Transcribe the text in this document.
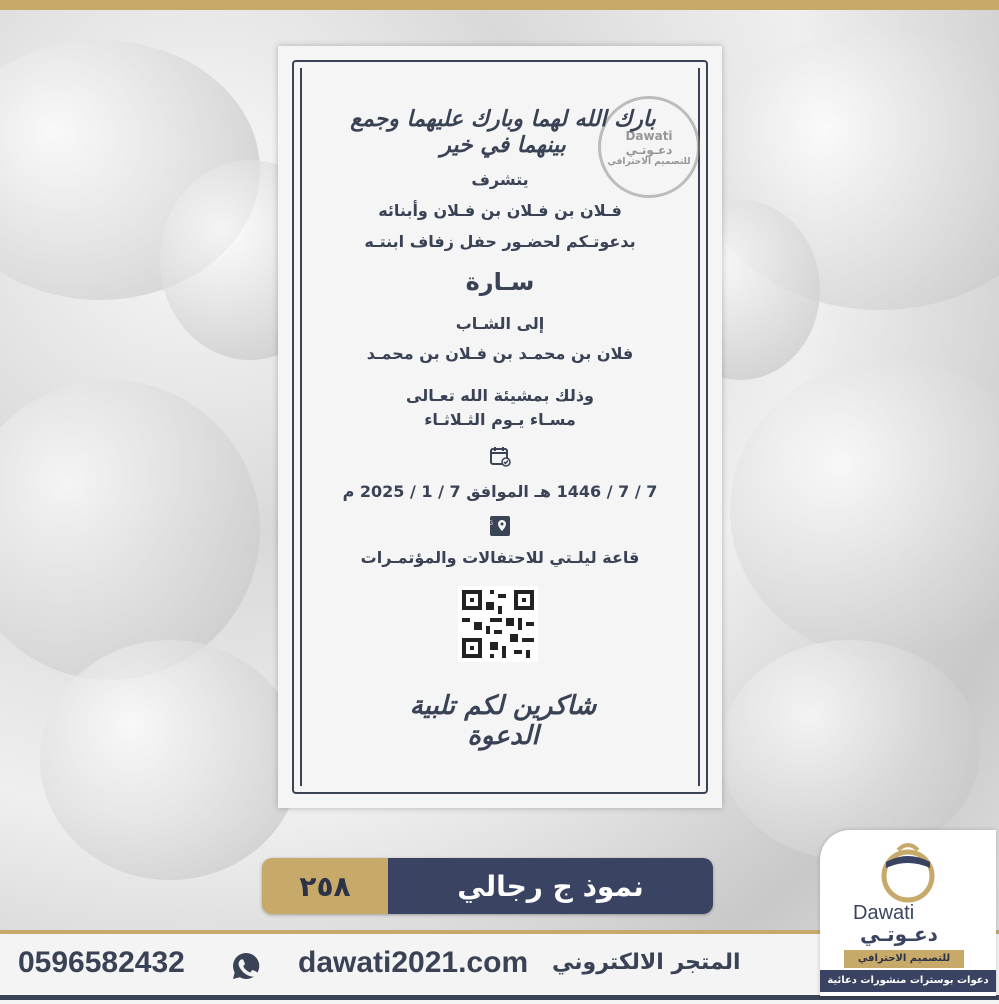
Dawati
دعـوتـي
للتصميم الاحترافي
بارك الله لهما وبارك عليهما وجمع بينهما في خير
يتشرف
فـلان بن فـلان بن فـلان وأبنائه
بدعوتـكم لحضـور حفل زفاف ابنتـه
سـارة
إلى الشـاب
فلان بن محمـد بن فـلان بن محمـد
وذلك بمشيئة الله تعـالى
مسـاء يـوم الثـلاثـاء
7 / 7 / 1446 هـ الموافق 7 / 1 / 2025 م
G
قاعة ليلـتي للاحتفالات والمؤتمـرات
شاكرين لكم تلبية الدعوة
٢٥٨	نموذ ج رجالي
0596582432	dawati2021.com المتجر الالكتروني
Dawati
دعـوتـي
للتصميم الاحترافي
دعوات بوسترات منشورات دعائية
